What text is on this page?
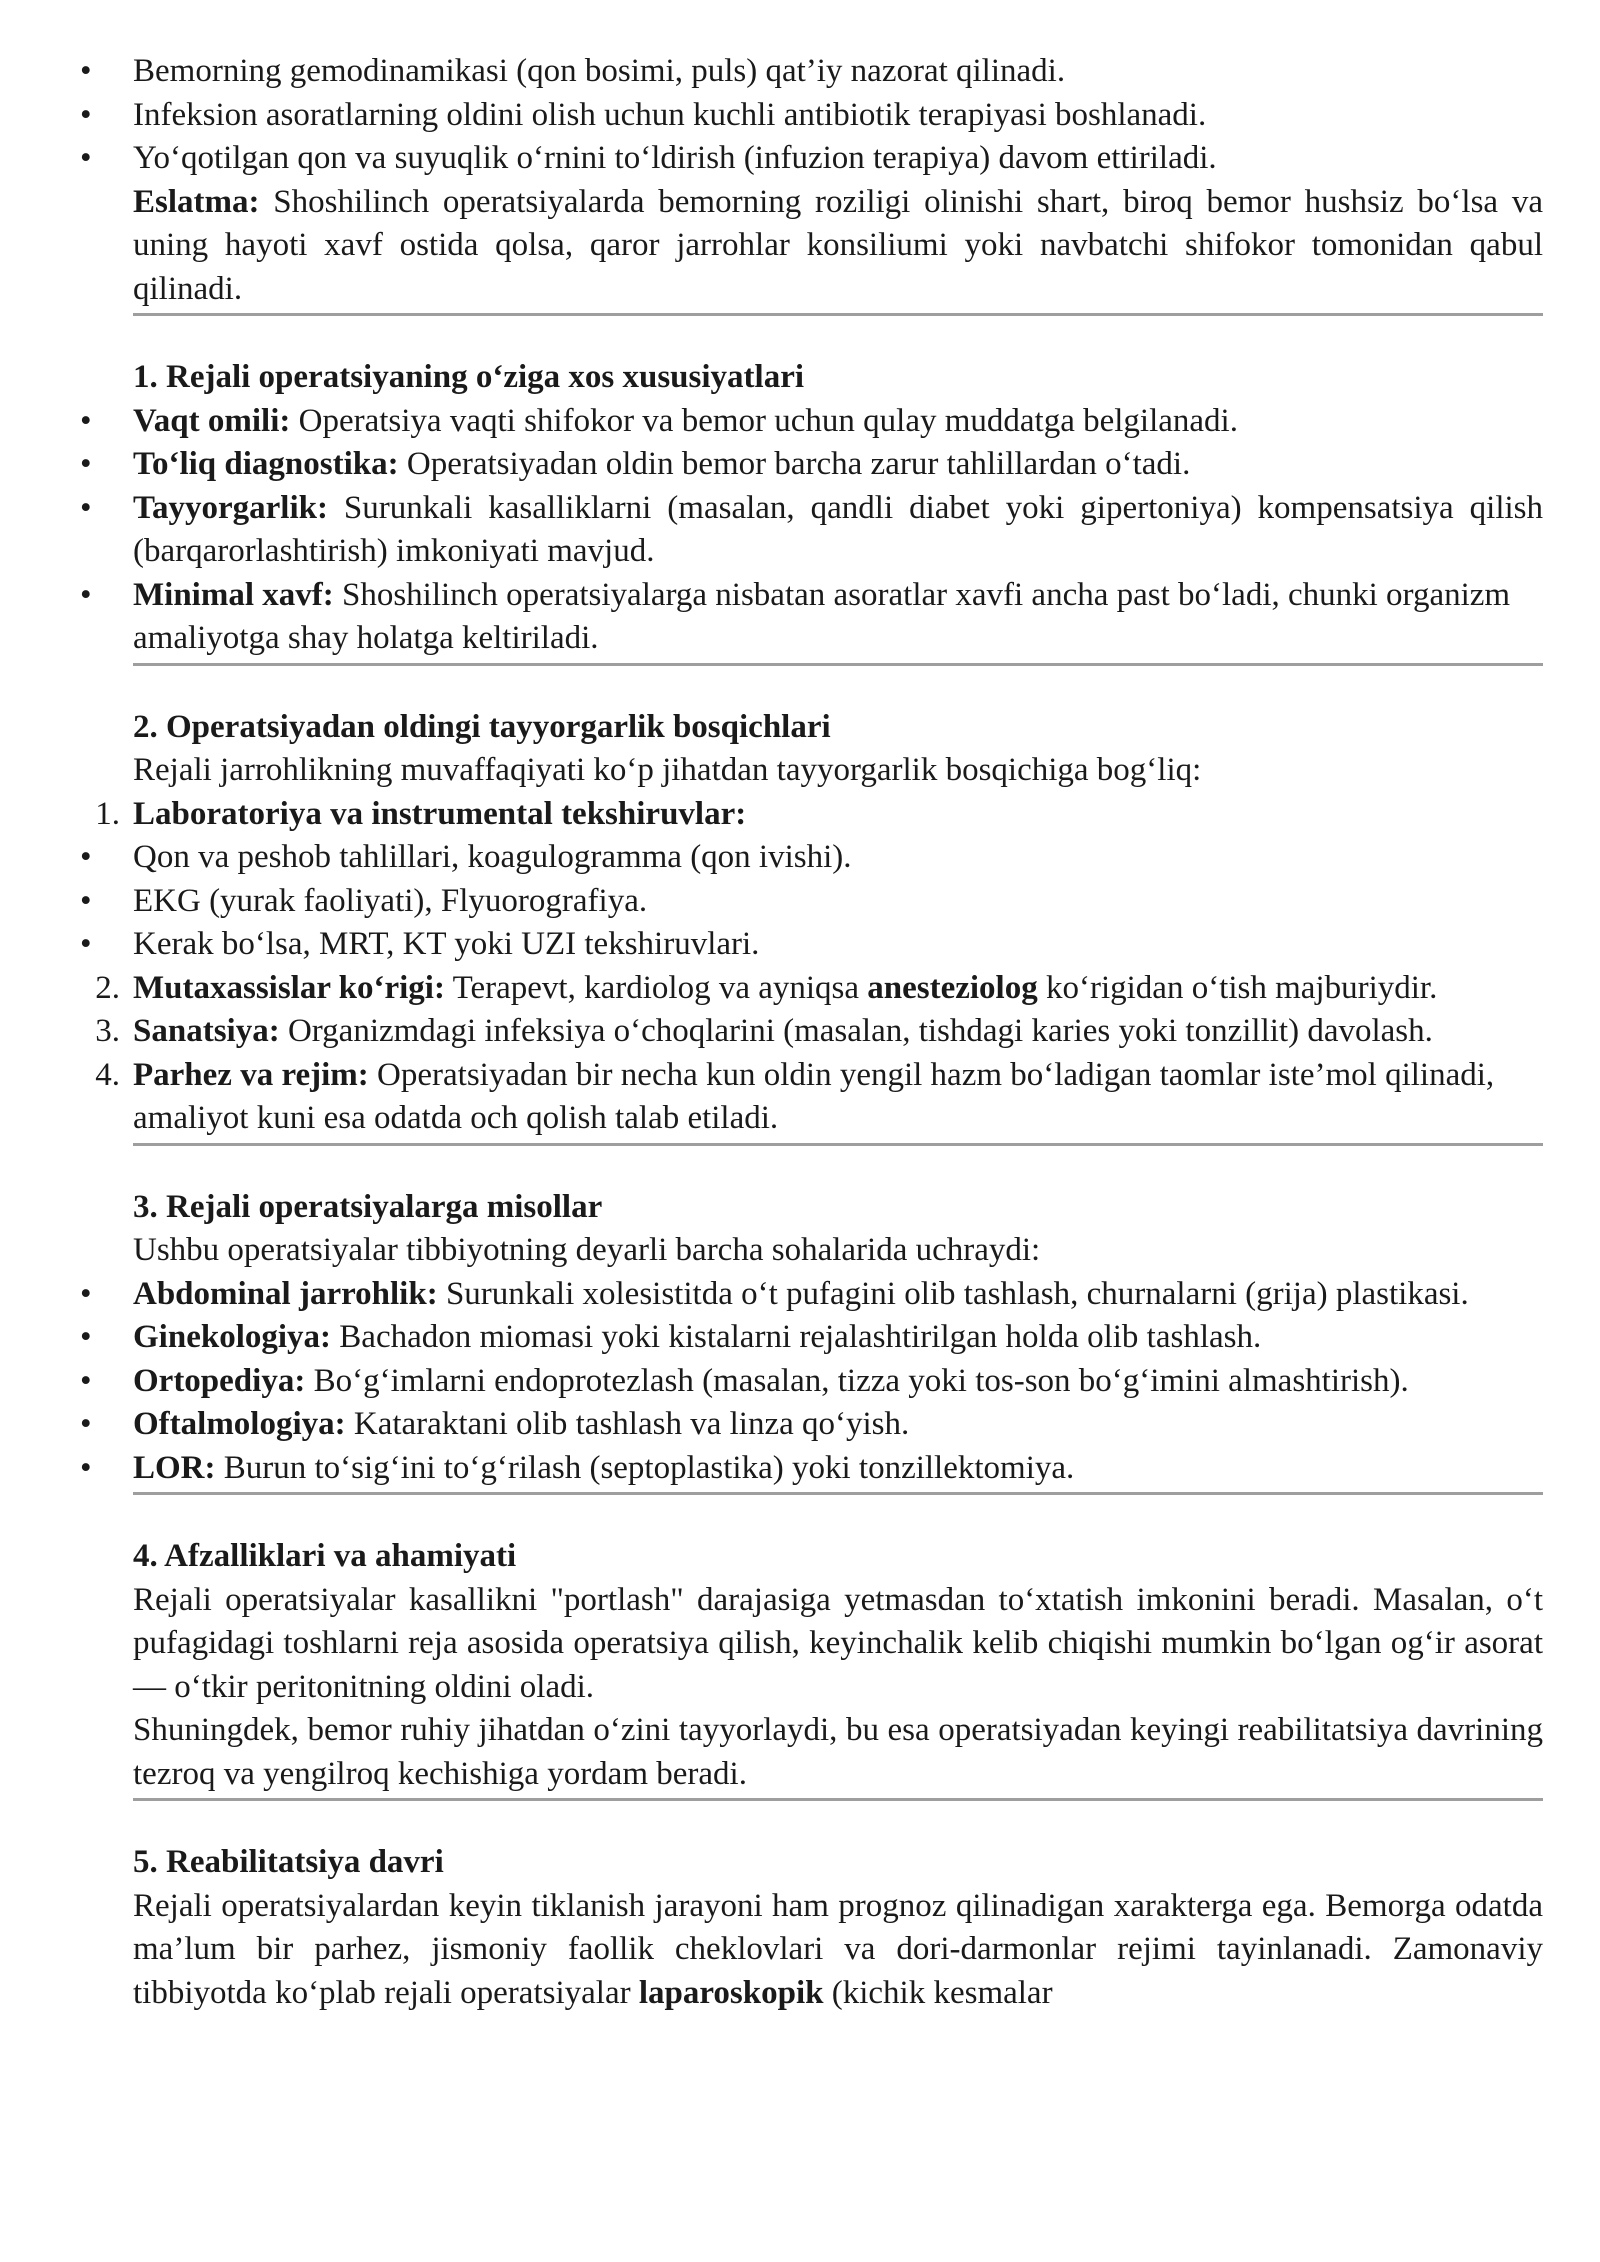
• Bemorning gemodinamikasi (qon bosimi, puls) qat’iy nazorat qilinadi.
• Infeksion asoratlarning oldini olish uchun kuchli antibiotik terapiyasi boshlanadi.
• Yo‘qotilgan qon va suyuqlik o‘rnini to‘ldirish (infuzion terapiya) davom ettiriladi.
Eslatma: Shoshilinch operatsiyalarda bemorning roziligi olinishi shart, biroq bemor hushsiz bo‘lsa va uning hayoti xavf ostida qolsa, qaror jarrohlar konsiliumi yoki navbatchi shifokor tomonidan qabul qilinadi.
1. Rejali operatsiyaning o‘ziga xos xususiyatlari
• Vaqt omili: Operatsiya vaqti shifokor va bemor uchun qulay muddatga belgilanadi.
• To‘liq diagnostika: Operatsiyadan oldin bemor barcha zarur tahlillardan o‘tadi.
• Tayyorgarlik: Surunkali kasalliklarni (masalan, qandli diabet yoki gipertoniya) kompensatsiya qilish (barqarorlashtirish) imkoniyati mavjud.
• Minimal xavf: Shoshilinch operatsiyalarga nisbatan asoratlar xavfi ancha past bo‘ladi, chunki organizm amaliyotga shay holatga keltiriladi.
2. Operatsiyadan oldingi tayyorgarlik bosqichlari
Rejali jarrohlikning muvaffaqiyati ko‘p jihatdan tayyorgarlik bosqichiga bog‘liq:
1. Laboratoriya va instrumental tekshiruvlar:
• Qon va peshob tahlillari, koagulogramma (qon ivishi).
• EKG (yurak faoliyati), Flyuorografiya.
• Kerak bo‘lsa, MRT, KT yoki UZI tekshiruvlari.
2. Mutaxassislar ko‘rigi: Terapevt, kardiolog va ayniqsa anesteziolog ko‘rigidan o‘tish majburiydir.
3. Sanatsiya: Organizmdagi infeksiya o‘choqlarini (masalan, tishdagi karies yoki tonzillit) davolash.
4. Parhez va rejim: Operatsiyadan bir necha kun oldin yengil hazm bo‘ladigan taomlar iste’mol qilinadi, amaliyot kuni esa odatda och qolish talab etiladi.
3. Rejali operatsiyalarga misollar
Ushbu operatsiyalar tibbiyotning deyarli barcha sohalarida uchraydi:
• Abdominal jarrohlik: Surunkali xolesistitda o‘t pufagini olib tashlash, churnalarni (grija) plastikasi.
• Ginekologiya: Bachadon miomasi yoki kistalarni rejalashtirilgan holda olib tashlash.
• Ortopediya: Bo‘g‘imlarni endoprotezlash (masalan, tizza yoki tos-son bo‘g‘imini almashtirish).
• Oftalmologiya: Kataraktani olib tashlash va linza qo‘yish.
• LOR: Burun to‘sig‘ini to‘g‘rilash (septoplastika) yoki tonzillektomiya.
4. Afzalliklari va ahamiyati
Rejali operatsiyalar kasallikni "portlash" darajasiga yetmasdan to‘xtatish imkonini beradi. Masalan, o‘t pufagidagi toshlarni reja asosida operatsiya qilish, keyinchalik kelib chiqishi mumkin bo‘lgan og‘ir asorat — o‘tkir peritonitning oldini oladi.
Shuningdek, bemor ruhiy jihatdan o‘zini tayyorlaydi, bu esa operatsiyadan keyingi reabilitatsiya davrining tezroq va yengilroq kechishiga yordam beradi.
5. Reabilitatsiya davri
Rejali operatsiyalardan keyin tiklanish jarayoni ham prognoz qilinadigan xarakterga ega. Bemorga odatda ma’lum bir parhez, jismoniy faollik cheklovlari va dori-darmonlar rejimi tayinlanadi. Zamonaviy tibbiyotda ko‘plab rejali operatsiyalar laparoskopik (kichik kesmalar
